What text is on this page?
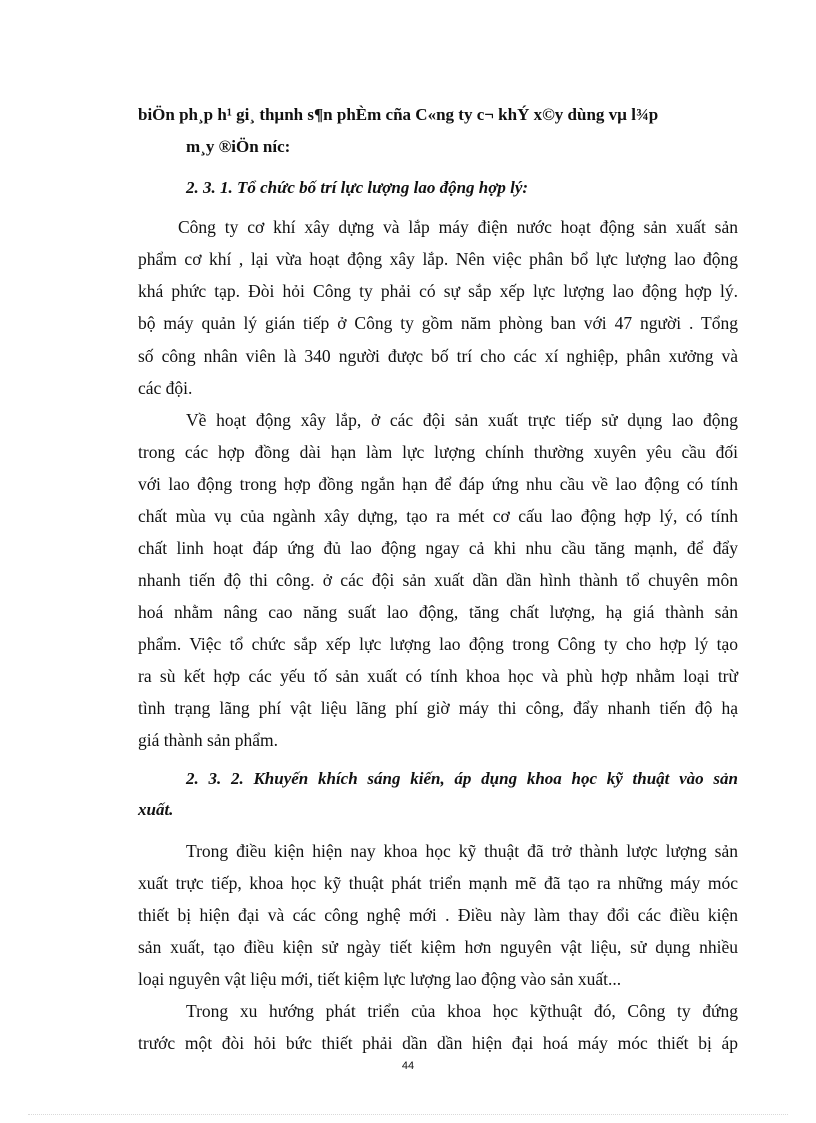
biÖn ph¸p h¹ gi¸ thµnh s¶n phÈm cña C«ng ty c¬ khÝ x©y dùng vµ l¾p
m¸y ®iÖn níc:
2. 3. 1. Tổ chức bố trí lực lượng lao động hợp lý:
Công ty cơ khí xây dựng và lắp máy điện nước hoạt động sản xuất sản
phẩm cơ khí , lại vừa hoạt động xây lắp. Nên việc phân bổ lực lượng lao động
khá phức tạp. Đòi hỏi Công ty phải có sự sắp xếp lực lượng lao động hợp lý.
bộ máy quản lý gián tiếp ở Công ty gồm năm phòng ban với 47 người . Tổng
số công nhân viên là 340 người được bố trí cho các xí nghiệp, phân xưởng và
các đội.
Về hoạt động xây lắp, ở các đội sản xuất trực tiếp sử dụng lao động
trong các hợp đồng dài hạn làm lực lượng chính thường xuyên yêu cầu đối
với lao động trong hợp đồng ngắn hạn để đáp ứng nhu cầu về lao động có tính
chất mùa vụ của ngành xây dựng, tạo ra mét cơ cấu lao động hợp lý, có tính
chất linh hoạt đáp ứng đủ lao động ngay cả khi nhu cầu tăng mạnh, để đẩy
nhanh tiến độ thi công. ở các đội sản xuất dần dần hình thành tổ chuyên môn
hoá nhằm nâng cao năng suất lao động, tăng chất lượng, hạ giá thành sản
phẩm. Việc tổ chức sắp xếp lực lượng lao động trong Công ty cho hợp lý tạo
ra sù kết hợp các yếu tố sản xuất có tính khoa học và phù hợp nhằm loại trừ
tình trạng lãng phí vật liệu lãng phí giờ máy thi công, đẩy nhanh tiến độ hạ
giá thành sản phẩm.
2. 3. 2. Khuyến khích sáng kiến, áp dụng khoa học kỹ thuật vào sản
xuất.
Trong điều kiện hiện nay khoa học kỹ thuật đã trở thành lược lượng sản
xuất trực tiếp, khoa học kỹ thuật phát triển mạnh mẽ đã tạo ra những máy móc
thiết bị hiện đại và các công nghệ mới . Điều này làm thay đổi các điều kiện
sản xuất, tạo điều kiện sử ngày tiết kiệm hơn nguyên vật liệu, sử dụng nhiều
loại nguyên vật liệu mới, tiết kiệm lực lượng lao động vào sản xuất...
Trong xu hướng phát triển của khoa học kỹthuật đó, Công ty đứng
trước một đòi hỏi bức thiết phải dần dần hiện đại hoá máy móc thiết bị áp
44
